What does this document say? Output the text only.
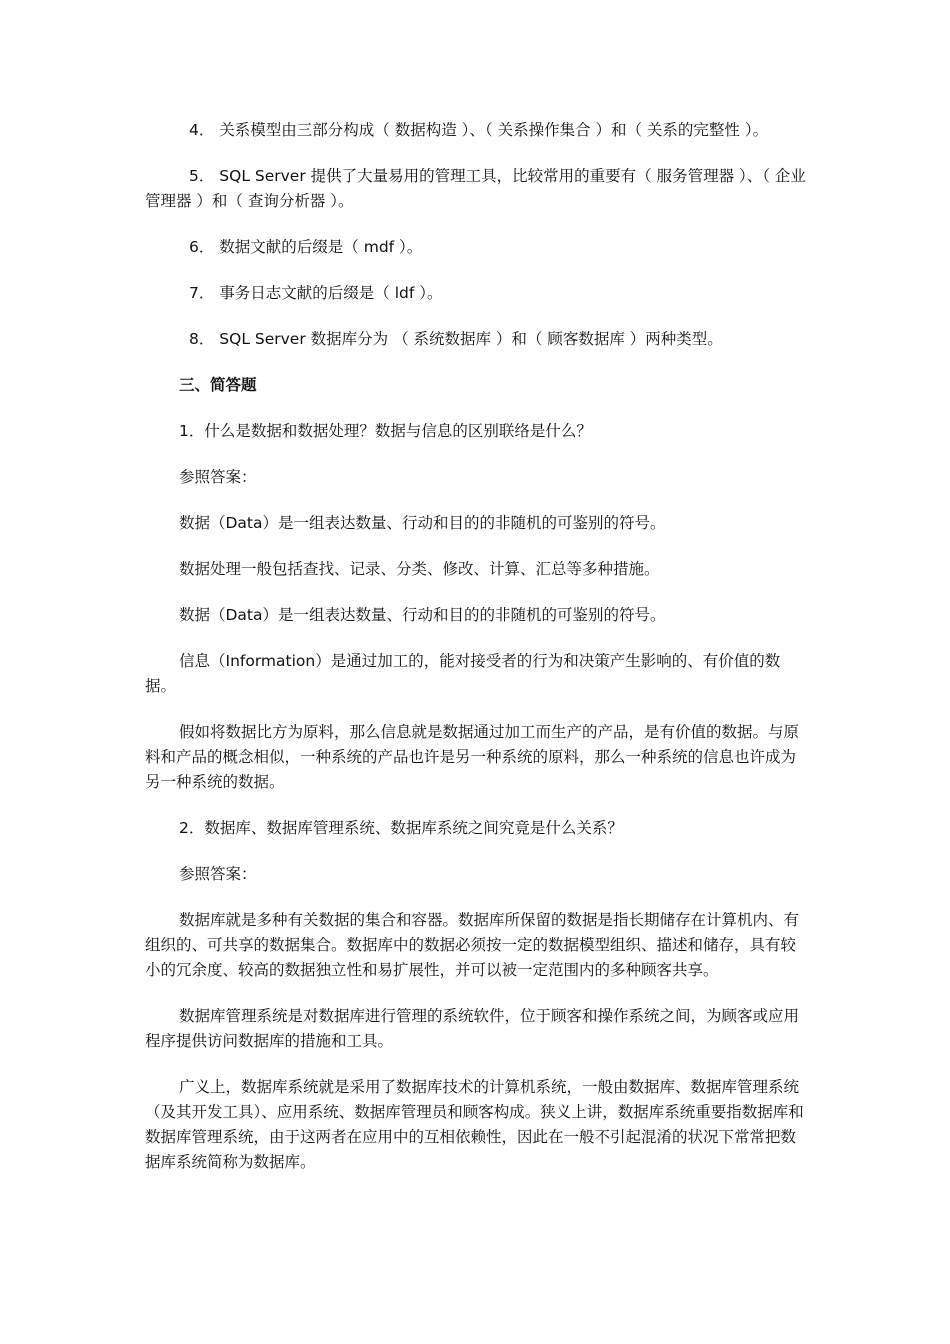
4． 关系模型由三部分构成（ 数据构造 ）、（ 关系操作集合 ）和（ 关系的完整性 ）。

5． SQL Server 提供了大量易用的管理工具，比较常用的重要有（ 服务管理器 ）、（ 企业管理器 ）和（ 查询分析器 ）。

6． 数据文献的后缀是（ mdf ）。

7． 事务日志文献的后缀是（ ldf ）。

8． SQL Server 数据库分为 （ 系统数据库 ）和（ 顾客数据库 ）两种类型。

三、简答题

1．什么是数据和数据处理？数据与信息的区别联络是什么？

参照答案：

数据（Data）是一组表达数量、行动和目的的非随机的可鉴别的符号。

数据处理一般包括查找、记录、分类、修改、计算、汇总等多种措施。

数据（Data）是一组表达数量、行动和目的的非随机的可鉴别的符号。

信息（Information）是通过加工的，能对接受者的行为和决策产生影响的、有价值的数据。

假如将数据比方为原料，那么信息就是数据通过加工而生产的产品，是有价值的数据。与原料和产品的概念相似，一种系统的产品也许是另一种系统的原料，那么一种系统的信息也许成为另一种系统的数据。

2．数据库、数据库管理系统、数据库系统之间究竟是什么关系？

参照答案：

数据库就是多种有关数据的集合和容器。数据库所保留的数据是指长期储存在计算机内、有组织的、可共享的数据集合。数据库中的数据必须按一定的数据模型组织、描述和储存，具有较小的冗余度、较高的数据独立性和易扩展性，并可以被一定范围内的多种顾客共享。

数据库管理系统是对数据库进行管理的系统软件，位于顾客和操作系统之间，为顾客或应用程序提供访问数据库的措施和工具。

广义上，数据库系统就是采用了数据库技术的计算机系统，一般由数据库、数据库管理系统（及其开发工具）、应用系统、数据库管理员和顾客构成。狭义上讲，数据库系统重要指数据库和数据库管理系统，由于这两者在应用中的互相依赖性，因此在一般不引起混淆的状况下常常把数据库系统简称为数据库。
